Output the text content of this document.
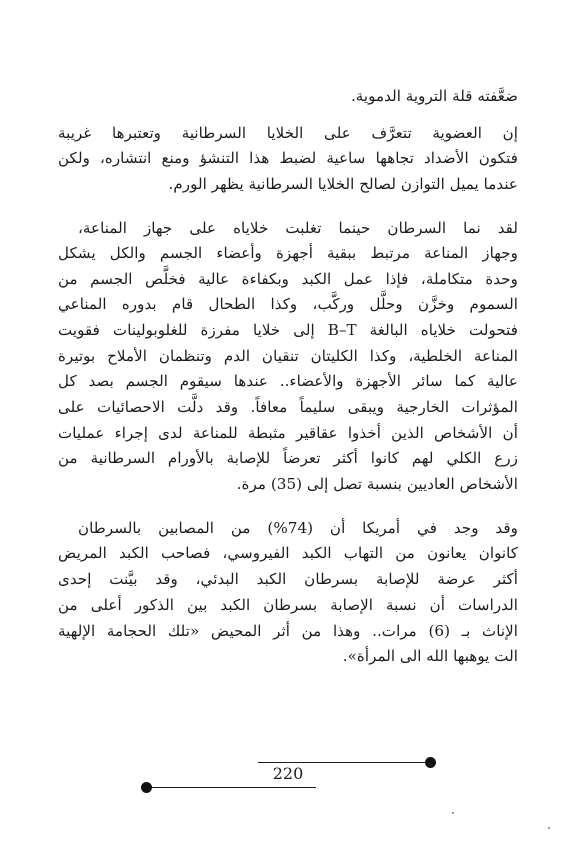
ضعَّفته قلة التروية الدموية.
إن العضوية تتعرَّف على الخلايا السرطانية وتعتبرها غريبة
فتكون الأضداد تجاهها ساعية لضبط هذا التنشؤ ومنع انتشاره، ولكن
عندما يميل التوازن لصالح الخلايا السرطانية يظهر الورم.
لقد نما السرطان حينما تغلبت خلاياه على جهاز المناعة،
وجهاز المناعة مرتبط ببقية أجهزة وأعضاء الجسم والكل يشكل
وحدة متكاملة، فإذا عمل الكبد وبكفاءة عالية فخلَّص الجسم من
السموم وخزَّن وحلَّل وركَّب، وكذا الطحال قام بدوره المناعي
فتحولت خلاياه البالغة B–T إلى خلايا مفرزة للغلوبولينات فقويت
المناعة الخلطية، وكذا الكليتان تنقيان الدم وتنظمان الأملاح بوتيرة
عالية كما سائر الأجهزة والأعضاء.. عندها سيقوم الجسم بصد كل
المؤثرات الخارجية ويبقى سليماً معافاً. وقد دلَّت الاحصائيات على
أن الأشخاص الذين أخذوا عقاقير مثبطة للمناعة لدى إجراء عمليات
زرع الكلي لهم كانوا أكثر تعرضاً للإصابة بالأورام السرطانية من
الأشخاص العاديين بنسبة تصل إلى (35) مرة.
وقد وجد في أمريكا أن (74%) من المصابين بالسرطان
كانوان يعانون من التهاب الكبد الفيروسي، فصاحب الكبد المريض
أكثر عرضة للإصابة بسرطان الكبد البدئي، وقد بيَّنت إحدى
الدراسات أن نسبة الإصابة بسرطان الكبد بين الذكور أعلى من
الإناث بـ (6) مرات.. وهذا من أثر المحيض «تلك الحجامة الإلهية
الت يوهبها الله الى المرأة».
220
